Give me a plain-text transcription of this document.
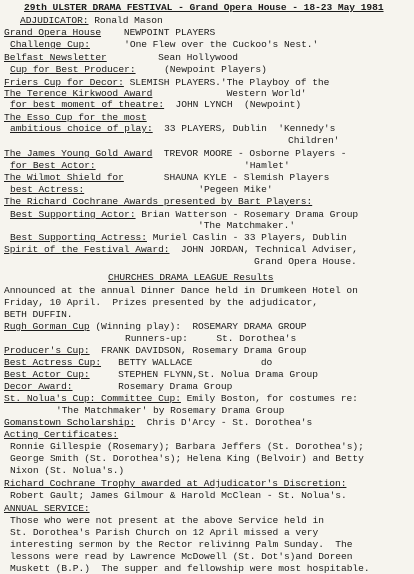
29th ULSTER DRAMA FESTIVAL - Grand Opera House - 18-23 May 1981
ADJUDICATOR: Ronald Mason
Grand Opera House    NEWPOINT PLAYERS
Challenge Cup:      'One Flew over the Cuckoo's Nest.'
Belfast Newsletter         Sean Hollywood
Cup for Best Producer:     (Newpoint Players)
Friers Cup for Decor: SLEMISH PLAYERS.'The Playboy of the
The Terence Kirkwood Award             Western World'
for best moment of theatre:  JOHN LYNCH  (Newpoint)
The Esso Cup for the most
ambitious choice of play:  33 PLAYERS, Dublin  'Kennedy's
Children'
The James Young Gold Award  TREVOR MOORE - Osborne Players -
for Best Actor:                          'Hamlet'
The Wilmot Shield for       SHAUNA KYLE - Slemish Players
best Actress:                    'Pegeen Mike'
The Richard Cochrane Awards presented by Bart Players:
Best Supporting Actor: Brian Watterson - Rosemary Drama Group
'The Matchmaker.'
Best Supporting Actress: Muriel Caslin - 33 Players, Dublin
Spirit of the Festival Award:  JOHN JORDAN, Technical Adviser,
Grand Opera House.
CHURCHES DRAMA LEAGUE Results
Announced at the annual Dinner Dance held in Drumkeen Hotel on
Friday, 10 April.  Prizes presented by the adjudicator,
BETH DUFFIN.
Rugh Gorman Cup (Winning play):  ROSEMARY DRAMA GROUP
Runners-up:     St. Dorothea's
Producer's Cup:  FRANK DAVIDSON, Rosemary Drama Group
Best Actress Cup:   BETTY WALLACE            do
Best Actor Cup:     STEPHEN FLYNN,St. Nolua Drama Group
Decor Award:        Rosemary Drama Group
St. Nolua's Cup: Committee Cup: Emily Boston, for costumes re:
'The Matchmaker' by Rosemary Drama Group
Gomanstown Scholarship:  Chris D'Arcy - St. Dorothea's
Acting Certificates:
Ronnie Gillespie (Rosemary); Barbara Jeffers (St. Dorothea's);
George Smith (St. Dorothea's); Helena King (Belvoir) and Betty
Nixon (St. Nolua's.)
Richard Cochrane Trophy awarded at Adjudicator's Discretion:
Robert Gault; James Gilmour & Harold McClean - St. Nolua's.
ANNUAL SERVICE:
Those who were not present at the above Service held in
St. Dorothea's Parish Church on 12 April missed a very
interesting sermon by the Rector relivinng Palm Sunday.  The
lessons were read by Lawrence McDowell (St. Dot's)and Doreen
Muskett (B.P.)  The supper and fellowship were most hospitable.
